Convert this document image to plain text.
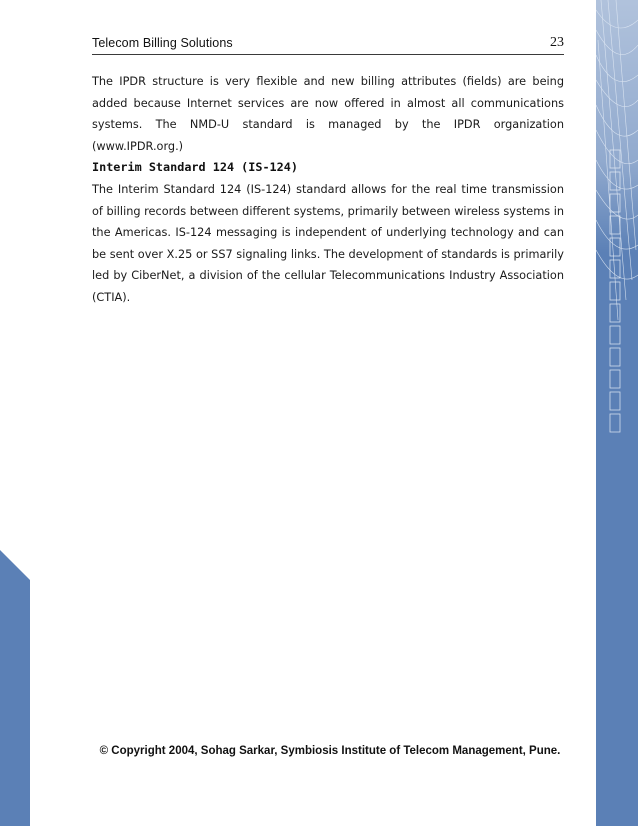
Telecom Billing Solutions	23

The IPDR structure is very flexible and new billing attributes (fields) are being added because Internet services are now offered in almost all communications systems. The NMD-U standard is managed by the IPDR organization (www.IPDR.org.)

Interim Standard 124 (IS-124)

The Interim Standard 124 (IS-124) standard allows for the real time transmission of billing records between different systems, primarily between wireless systems in the Americas. IS-124 messaging is independent of underlying technology and can be sent over X.25 or SS7 signaling links. The development of standards is primarily led by CiberNet, a division of the cellular Telecommunications Industry Association (CTIA).

© Copyright 2004, Sohag Sarkar, Symbiosis Institute of Telecom Management, Pune.
